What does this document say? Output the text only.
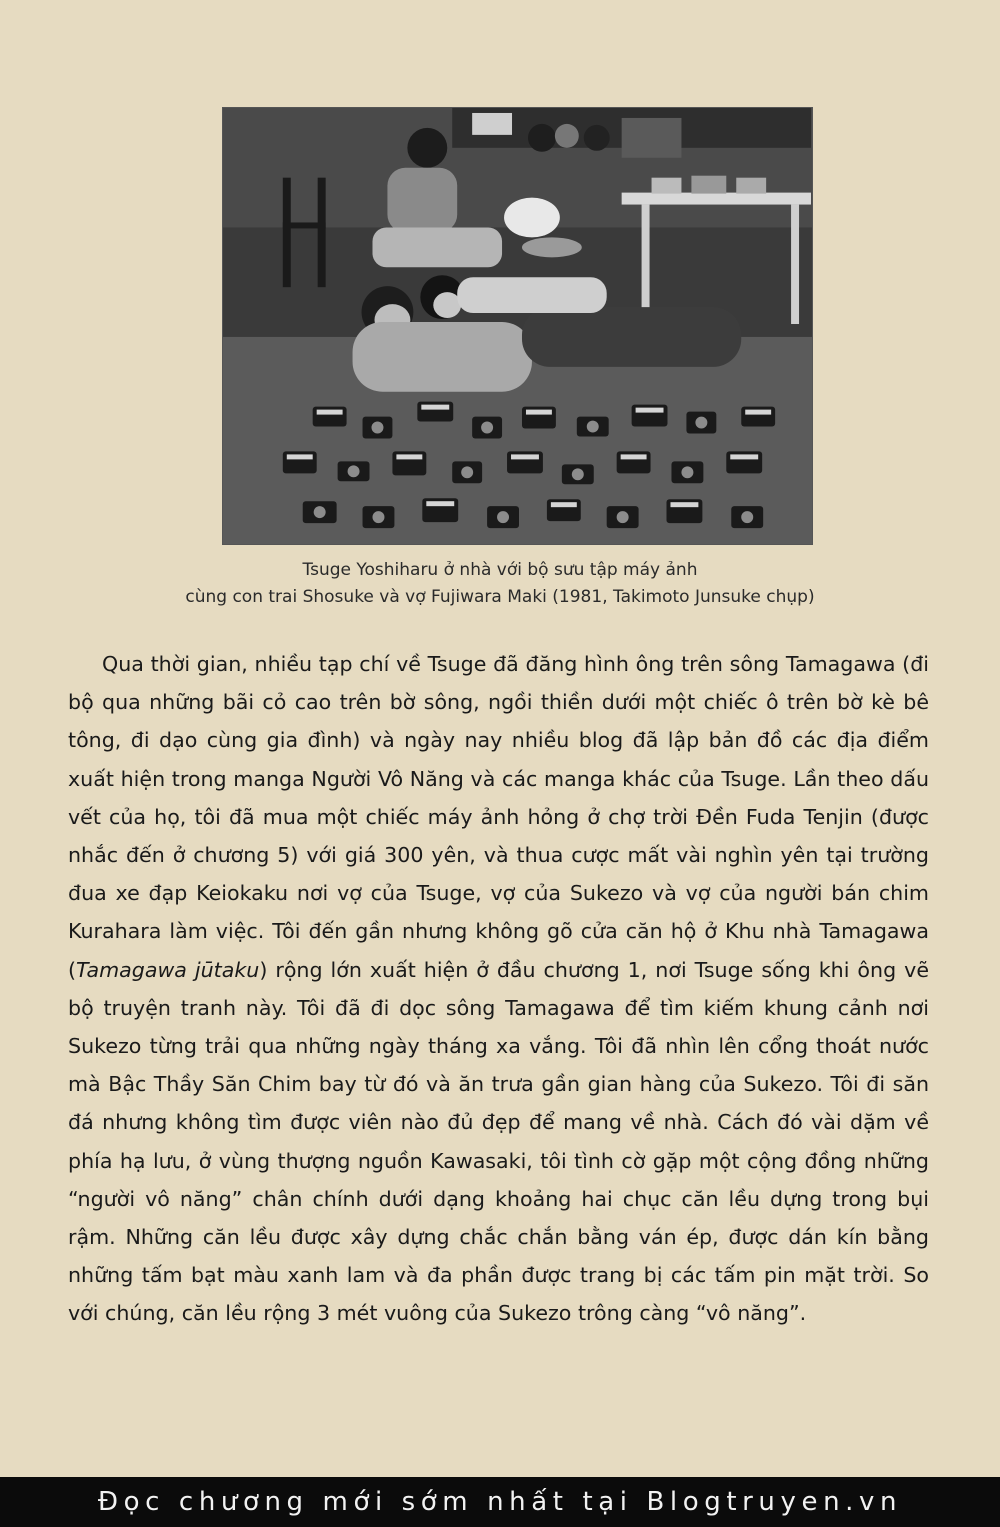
Tsuge Yoshiharu ở nhà với bộ sưu tập máy ảnh
cùng con trai Shosuke và vợ Fujiwara Maki (1981, Takimoto Junsuke chụp)

Qua thời gian, nhiều tạp chí về Tsuge đã đăng hình ông trên sông Tamagawa (đi bộ qua những bãi cỏ cao trên bờ sông, ngồi thiền dưới một chiếc ô trên bờ kè bê tông, đi dạo cùng gia đình) và ngày nay nhiều blog đã lập bản đồ các địa điểm xuất hiện trong manga Người Vô Năng và các manga khác của Tsuge. Lần theo dấu vết của họ, tôi đã mua một chiếc máy ảnh hỏng ở chợ trời Đền Fuda Tenjin (được nhắc đến ở chương 5) với giá 300 yên, và thua cược mất vài nghìn yên tại trường đua xe đạp Keiokaku nơi vợ của Tsuge, vợ của Sukezo và vợ của người bán chim Kurahara làm việc. Tôi đến gần nhưng không gõ cửa căn hộ ở Khu nhà Tamagawa (Tamagawa jūtaku) rộng lớn xuất hiện ở đầu chương 1, nơi Tsuge sống khi ông vẽ bộ truyện tranh này. Tôi đã đi dọc sông Tamagawa để tìm kiếm khung cảnh nơi Sukezo từng trải qua những ngày tháng xa vắng. Tôi đã nhìn lên cổng thoát nước mà Bậc Thầy Săn Chim bay từ đó và ăn trưa gần gian hàng của Sukezo. Tôi đi săn đá nhưng không tìm được viên nào đủ đẹp để mang về nhà. Cách đó vài dặm về phía hạ lưu, ở vùng thượng nguồn Kawasaki, tôi tình cờ gặp một cộng đồng những “người vô năng” chân chính dưới dạng khoảng hai chục căn lều dựng trong bụi rậm. Những căn lều được xây dựng chắc chắn bằng ván ép, được dán kín bằng những tấm bạt màu xanh lam và đa phần được trang bị các tấm pin mặt trời. So với chúng, căn lều rộng 3 mét vuông của Sukezo trông càng “vô năng”.

Đọc chương mới sớm nhất tại Blogtruyen.vn
